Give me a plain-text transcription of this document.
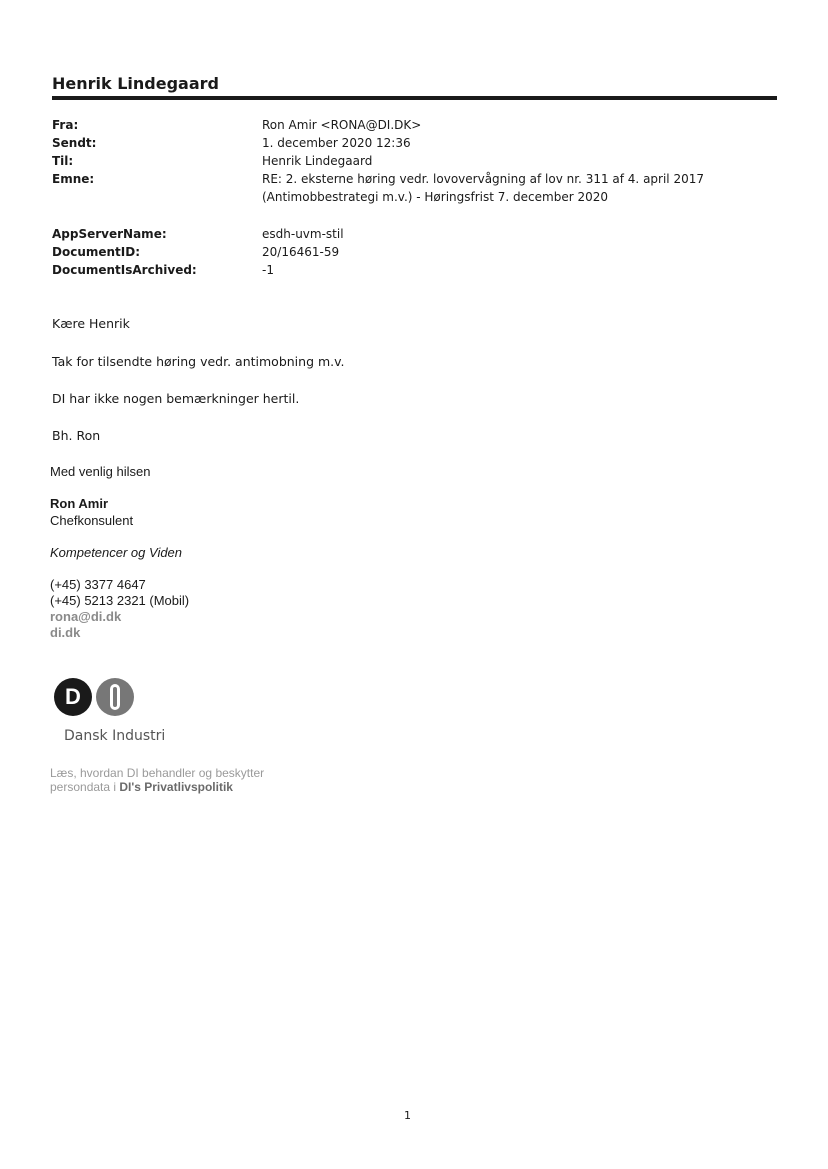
Henrik Lindegaard
Fra:	Ron Amir <RONA@DI.DK>
Sendt:	1. december 2020 12:36
Til:	Henrik Lindegaard
Emne:	RE: 2. eksterne høring vedr. lovovervågning af lov nr. 311 af 4. april 2017
(Antimobbestrategi m.v.) - Høringsfrist 7. december 2020
AppServerName:	esdh-uvm-stil
DocumentID:	20/16461-59
DocumentIsArchived:	-1
Kære Henrik
Tak for tilsendte høring vedr. antimobning m.v.
DI har ikke nogen bemærkninger hertil.
Bh. Ron
Med venlig hilsen
Ron Amir
Chefkonsulent
Kompetencer og Viden
(+45) 3377 4647
(+45) 5213 2321 (Mobil)
rona@di.dk
di.dk
D
Dansk Industri
Læs, hvordan DI behandler og beskytter
persondata i DI's Privatlivspolitik
1
